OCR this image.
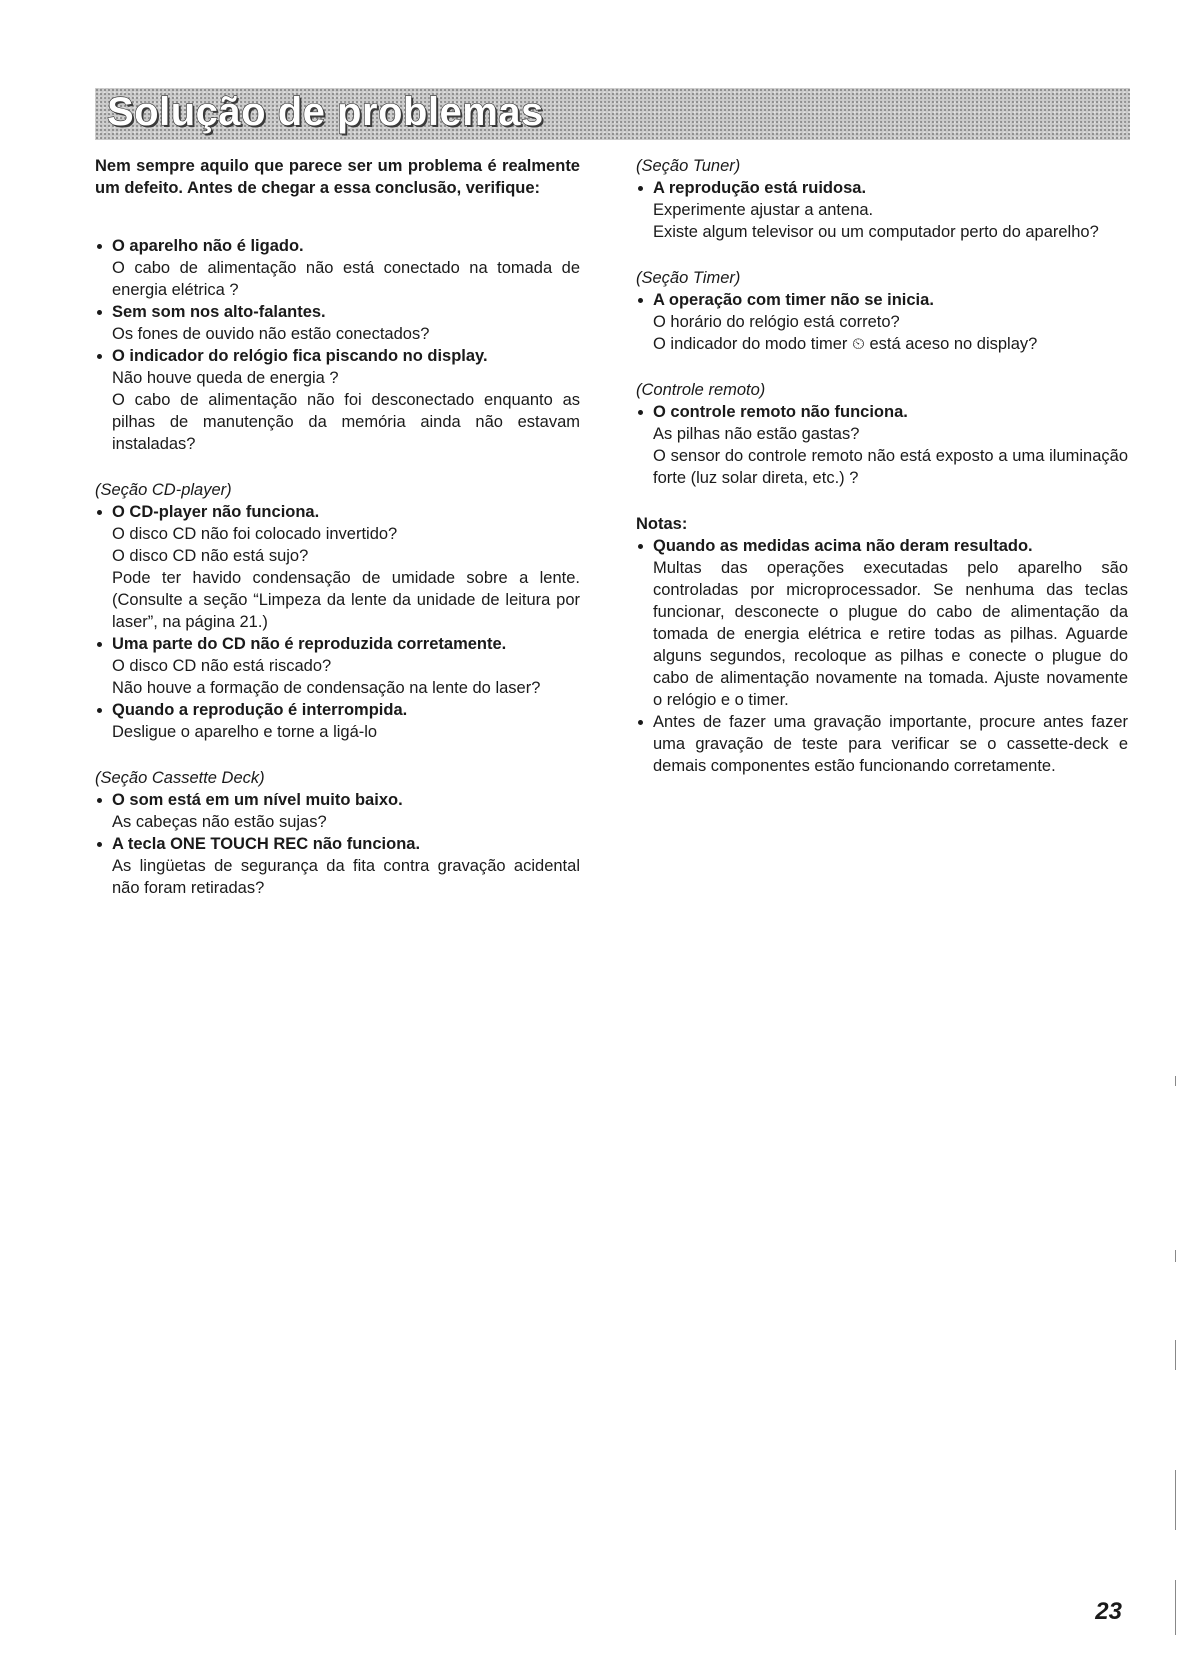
Solução de problemas

Nem sempre aquilo que parece ser um problema é realmente um defeito. Antes de chegar a essa conclusão, verifique:

O aparelho não é ligado.
O cabo de alimentação não está conectado na tomada de energia elétrica ?
Sem som nos alto-falantes.
Os fones de ouvido não estão conectados?
O indicador do relógio fica piscando no display.
Não houve queda de energia ?
O cabo de alimentação não foi desconectado enquanto as pilhas de manutenção da memória ainda não estavam instaladas?
(Seção CD-player)
O CD-player não funciona.
O disco CD não foi colocado invertido?
O disco CD não está sujo?
Pode ter havido condensação de umidade sobre a lente. (Consulte a seção “Limpeza da lente da unidade de leitura por laser”, na página 21.)
Uma parte do CD não é reproduzida corretamente.
O disco CD não está riscado?
Não houve a formação de condensação na lente do laser?
Quando a reprodução é interrompida.
Desligue o aparelho e torne a ligá-lo
(Seção Cassette Deck)
O som está em um nível muito baixo.
As cabeças não estão sujas?
A tecla ONE TOUCH REC não funciona.
As lingüetas de segurança da fita contra gravação acidental não foram retiradas?
(Seção Tuner)
A reprodução está ruidosa.
Experimente ajustar a antena.
Existe algum televisor ou um computador perto do aparelho?
(Seção Timer)
A operação com timer não se inicia.
O horário do relógio está correto?
O indicador do modo timer ⏲ está aceso no display?
(Controle remoto)
O controle remoto não funciona.
As pilhas não estão gastas?
O sensor do controle remoto não está exposto a uma iluminação forte (luz solar direta, etc.) ?
Notas:
Quando as medidas acima não deram resultado.
Multas das operações executadas pelo aparelho são controladas por microprocessador. Se nenhuma das teclas funcionar, desconecte o plugue do cabo de alimentação da tomada de energia elétrica e retire todas as pilhas. Aguarde alguns segundos, recoloque as pilhas e conecte o plugue do cabo de alimentação novamente na tomada. Ajuste novamente o relógio e o timer.
Antes de fazer uma gravação importante, procure antes fazer uma gravação de teste para verificar se o cassette-deck e demais componentes estão funcionando corretamente.
23
